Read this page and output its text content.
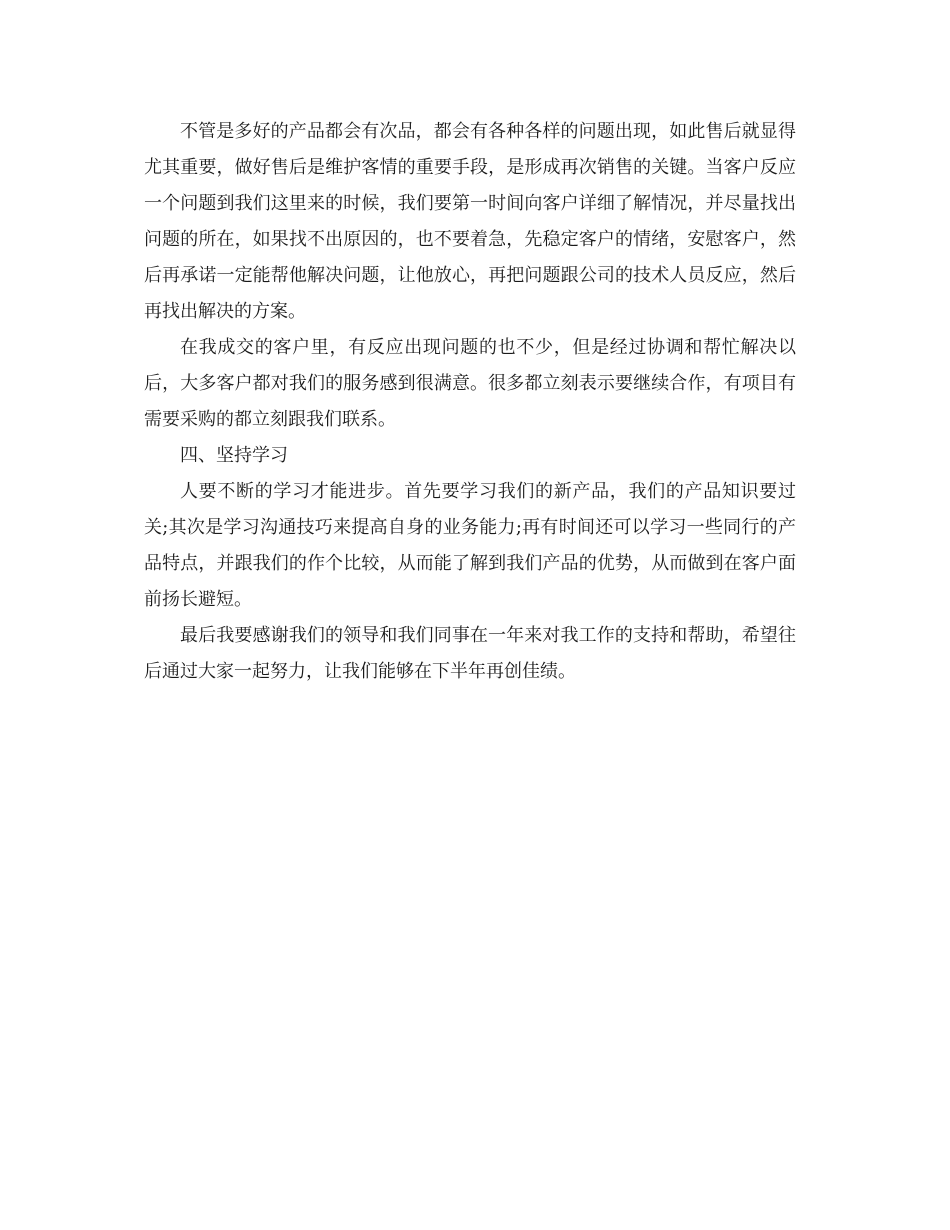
不管是多好的产品都会有次品，都会有各种各样的问题出现，如此售后就显得尤其重要，做好售后是维护客情的重要手段，是形成再次销售的关键。当客户反应一个问题到我们这里来的时候，我们要第一时间向客户详细了解情况，并尽量找出问题的所在，如果找不出原因的，也不要着急，先稳定客户的情绪，安慰客户，然后再承诺一定能帮他解决问题，让他放心，再把问题跟公司的技术人员反应，然后再找出解决的方案。

在我成交的客户里，有反应出现问题的也不少，但是经过协调和帮忙解决以后，大多客户都对我们的服务感到很满意。很多都立刻表示要继续合作，有项目有需要采购的都立刻跟我们联系。

四、坚持学习

人要不断的学习才能进步。首先要学习我们的新产品，我们的产品知识要过关;其次是学习沟通技巧来提高自身的业务能力;再有时间还可以学习一些同行的产品特点，并跟我们的作个比较，从而能了解到我们产品的优势，从而做到在客户面前扬长避短。

最后我要感谢我们的领导和我们同事在一年来对我工作的支持和帮助，希望往后通过大家一起努力，让我们能够在下半年再创佳绩。
